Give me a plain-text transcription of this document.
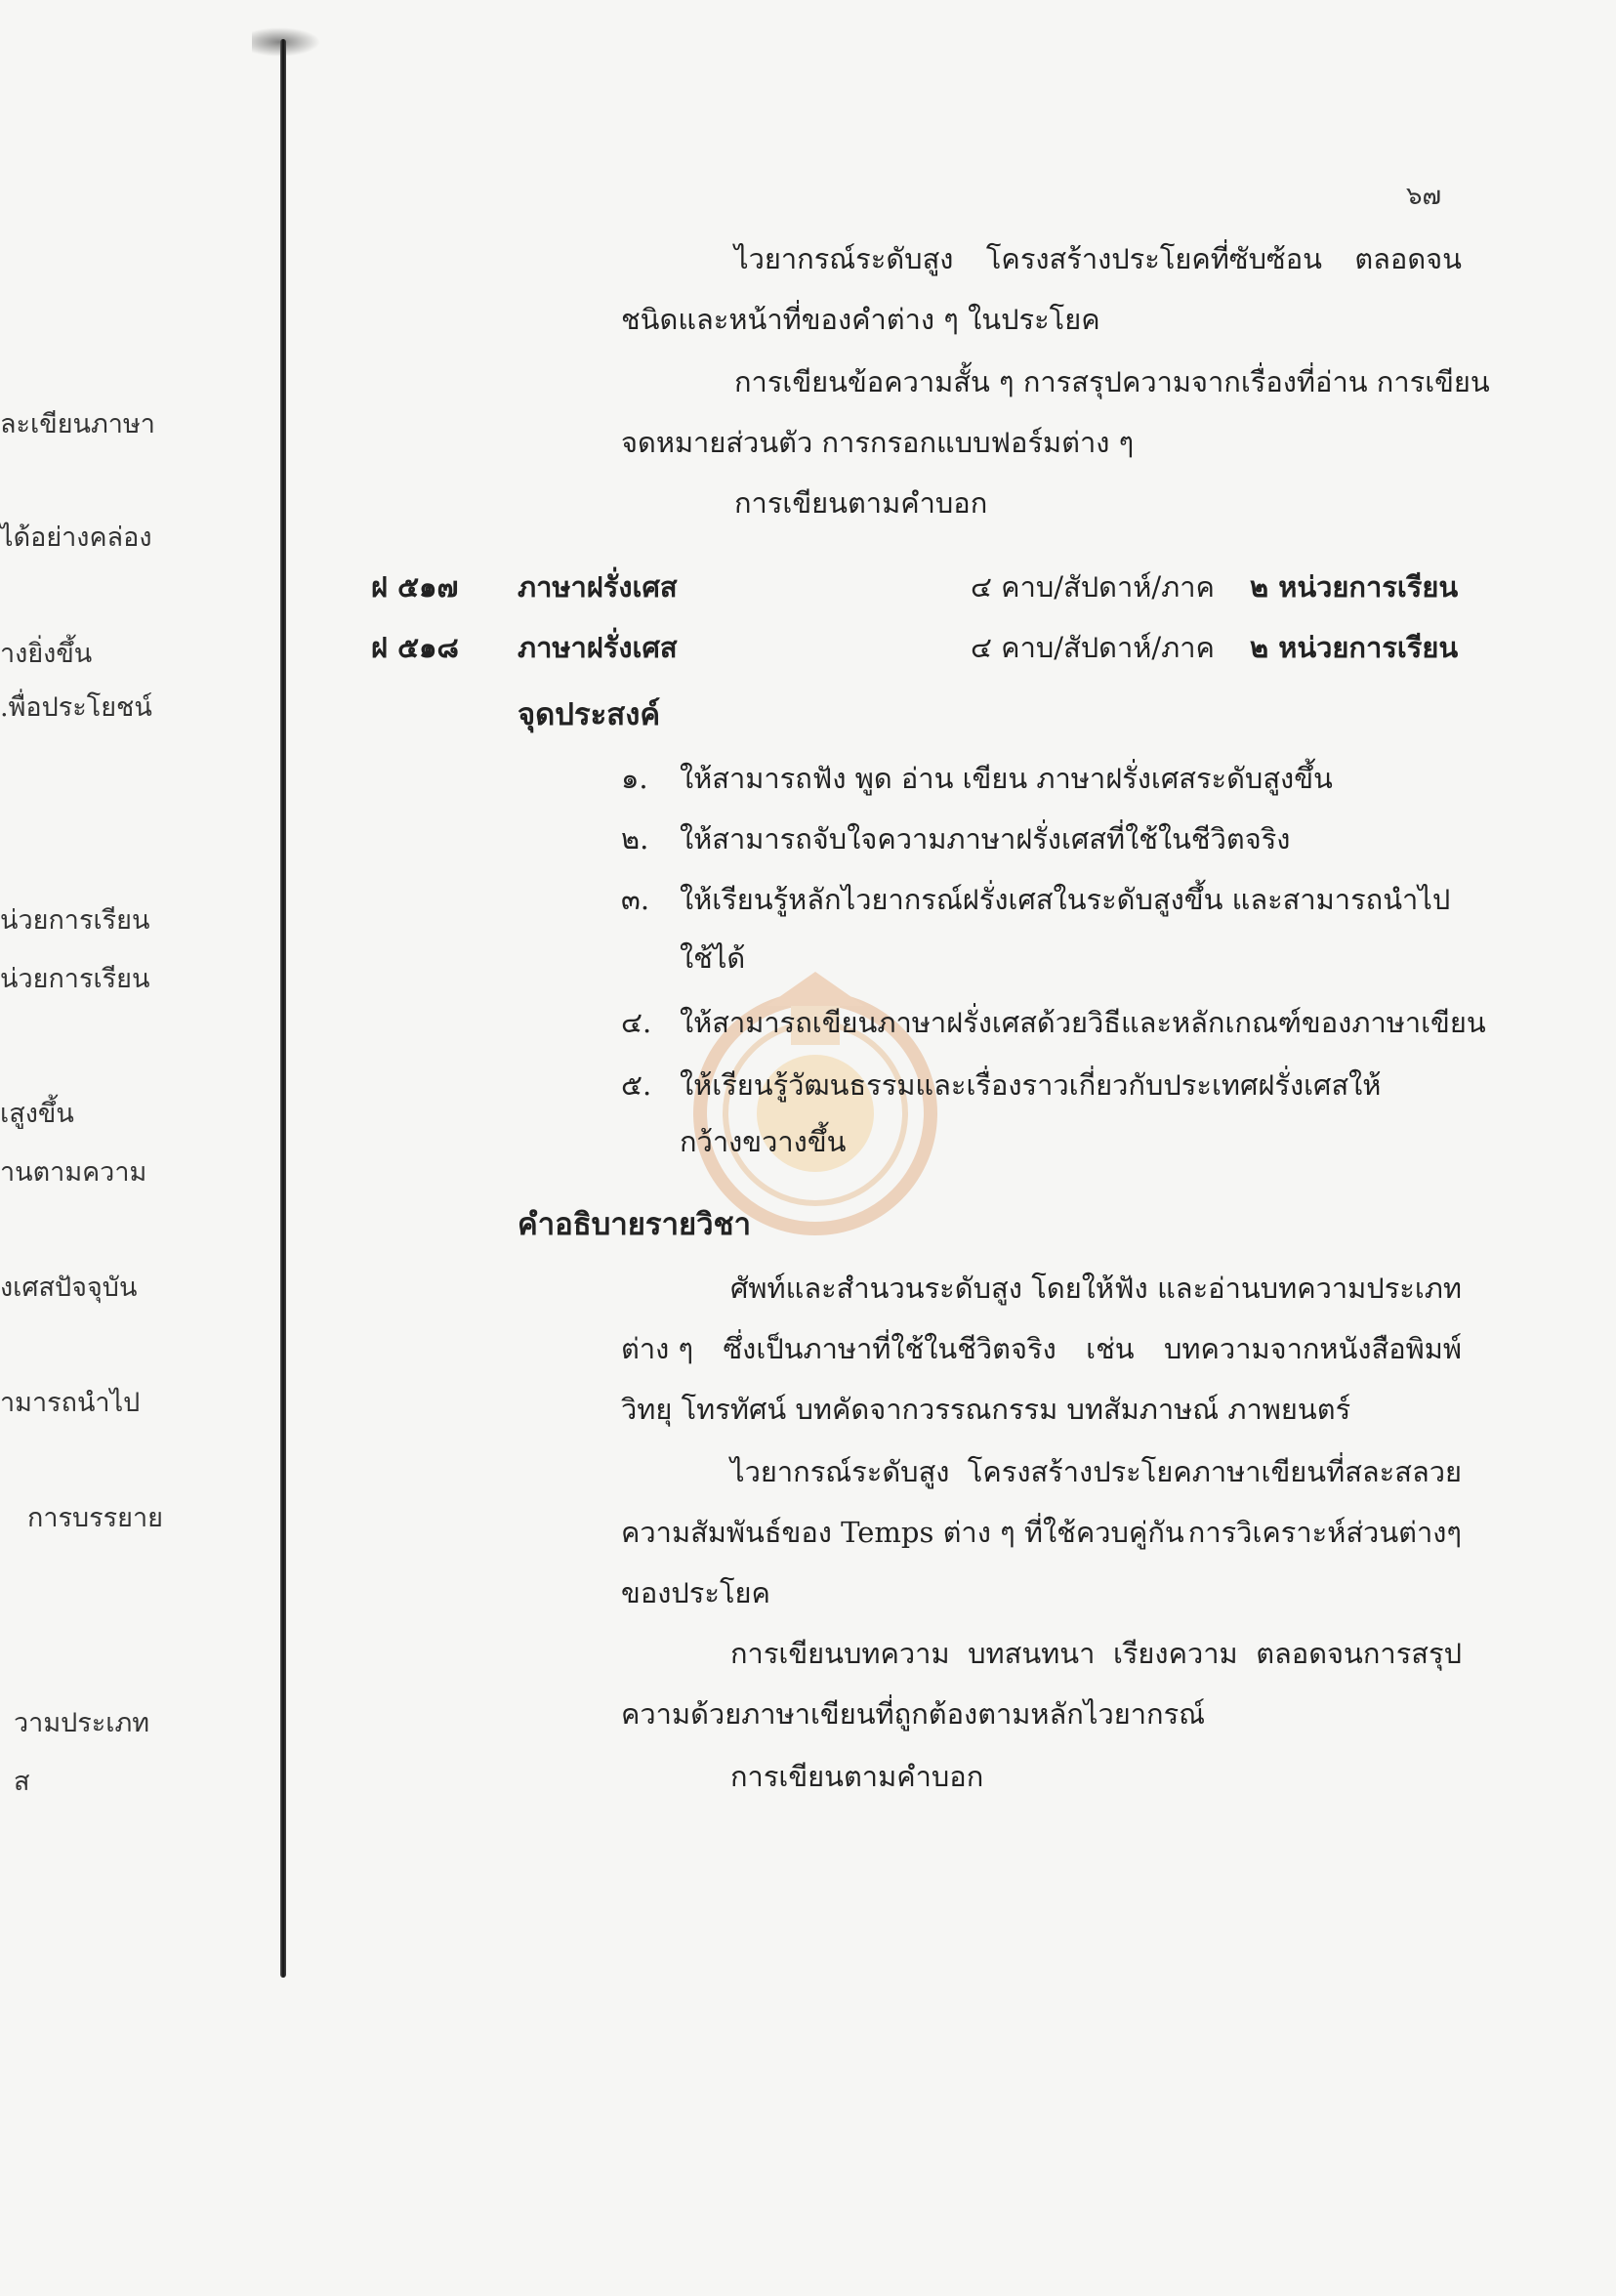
ละเขียนภาษา
ได้อย่างคล่อง
างยิ่งขึ้น
.พื่อประโยชน์
น่วยการเรียน
น่วยการเรียน
เสูงขึ้น
านตามความ
งเศสปัจจุบัน
ามารถนำไป
การบรรยาย
วามประเภท
ส
๖๗
ไวยากรณ์ระดับสูง โครงสร้างประโยคที่ซับซ้อน ตลอดจน
ชนิดและหน้าที่ของคำต่าง ๆ ในประโยค
การเขียนข้อความสั้น ๆ การสรุปความจากเรื่องที่อ่าน การเขียน
จดหมายส่วนตัว การกรอกแบบฟอร์มต่าง ๆ
การเขียนตามคำบอก
ฝ ๕๑๗ ภาษาฝรั่งเศส	๔ คาบ/สัปดาห์/ภาค ๒ หน่วยการเรียน
ฝ ๕๑๘ ภาษาฝรั่งเศส	๔ คาบ/สัปดาห์/ภาค ๒ หน่วยการเรียน
จุดประสงค์
๑. ให้สามารถฟัง พูด อ่าน เขียน ภาษาฝรั่งเศสระดับสูงขึ้น
๒. ให้สามารถจับใจความภาษาฝรั่งเศสที่ใช้ในชีวิตจริง
๓. ให้เรียนรู้หลักไวยากรณ์ฝรั่งเศสในระดับสูงขึ้น และสามารถนำไป
ใช้ได้
๔. ให้สามารถเขียนภาษาฝรั่งเศสด้วยวิธีและหลักเกณฑ์ของภาษาเขียน
๕. ให้เรียนรู้วัฒนธรรมและเรื่องราวเกี่ยวกับประเทศฝรั่งเศสให้
กว้างขวางขึ้น
คำอธิบายรายวิชา
ศัพท์และสำนวนระดับสูง โดยให้ฟัง และอ่านบทความประเภท
ต่าง ๆ ซึ่งเป็นภาษาที่ใช้ในชีวิตจริง เช่น บทความจากหนังสือพิมพ์
วิทยุ โทรทัศน์ บทคัดจากวรรณกรรม บทสัมภาษณ์ ภาพยนตร์
ไวยากรณ์ระดับสูง โครงสร้างประโยคภาษาเขียนที่สละสลวย
ความสัมพันธ์ของ Temps ต่าง ๆ ที่ใช้ควบคู่กัน การวิเคราะห์ส่วนต่างๆ
ของประโยค
การเขียนบทความ บทสนทนา เรียงความ ตลอดจนการสรุป
ความด้วยภาษาเขียนที่ถูกต้องตามหลักไวยากรณ์
การเขียนตามคำบอก
